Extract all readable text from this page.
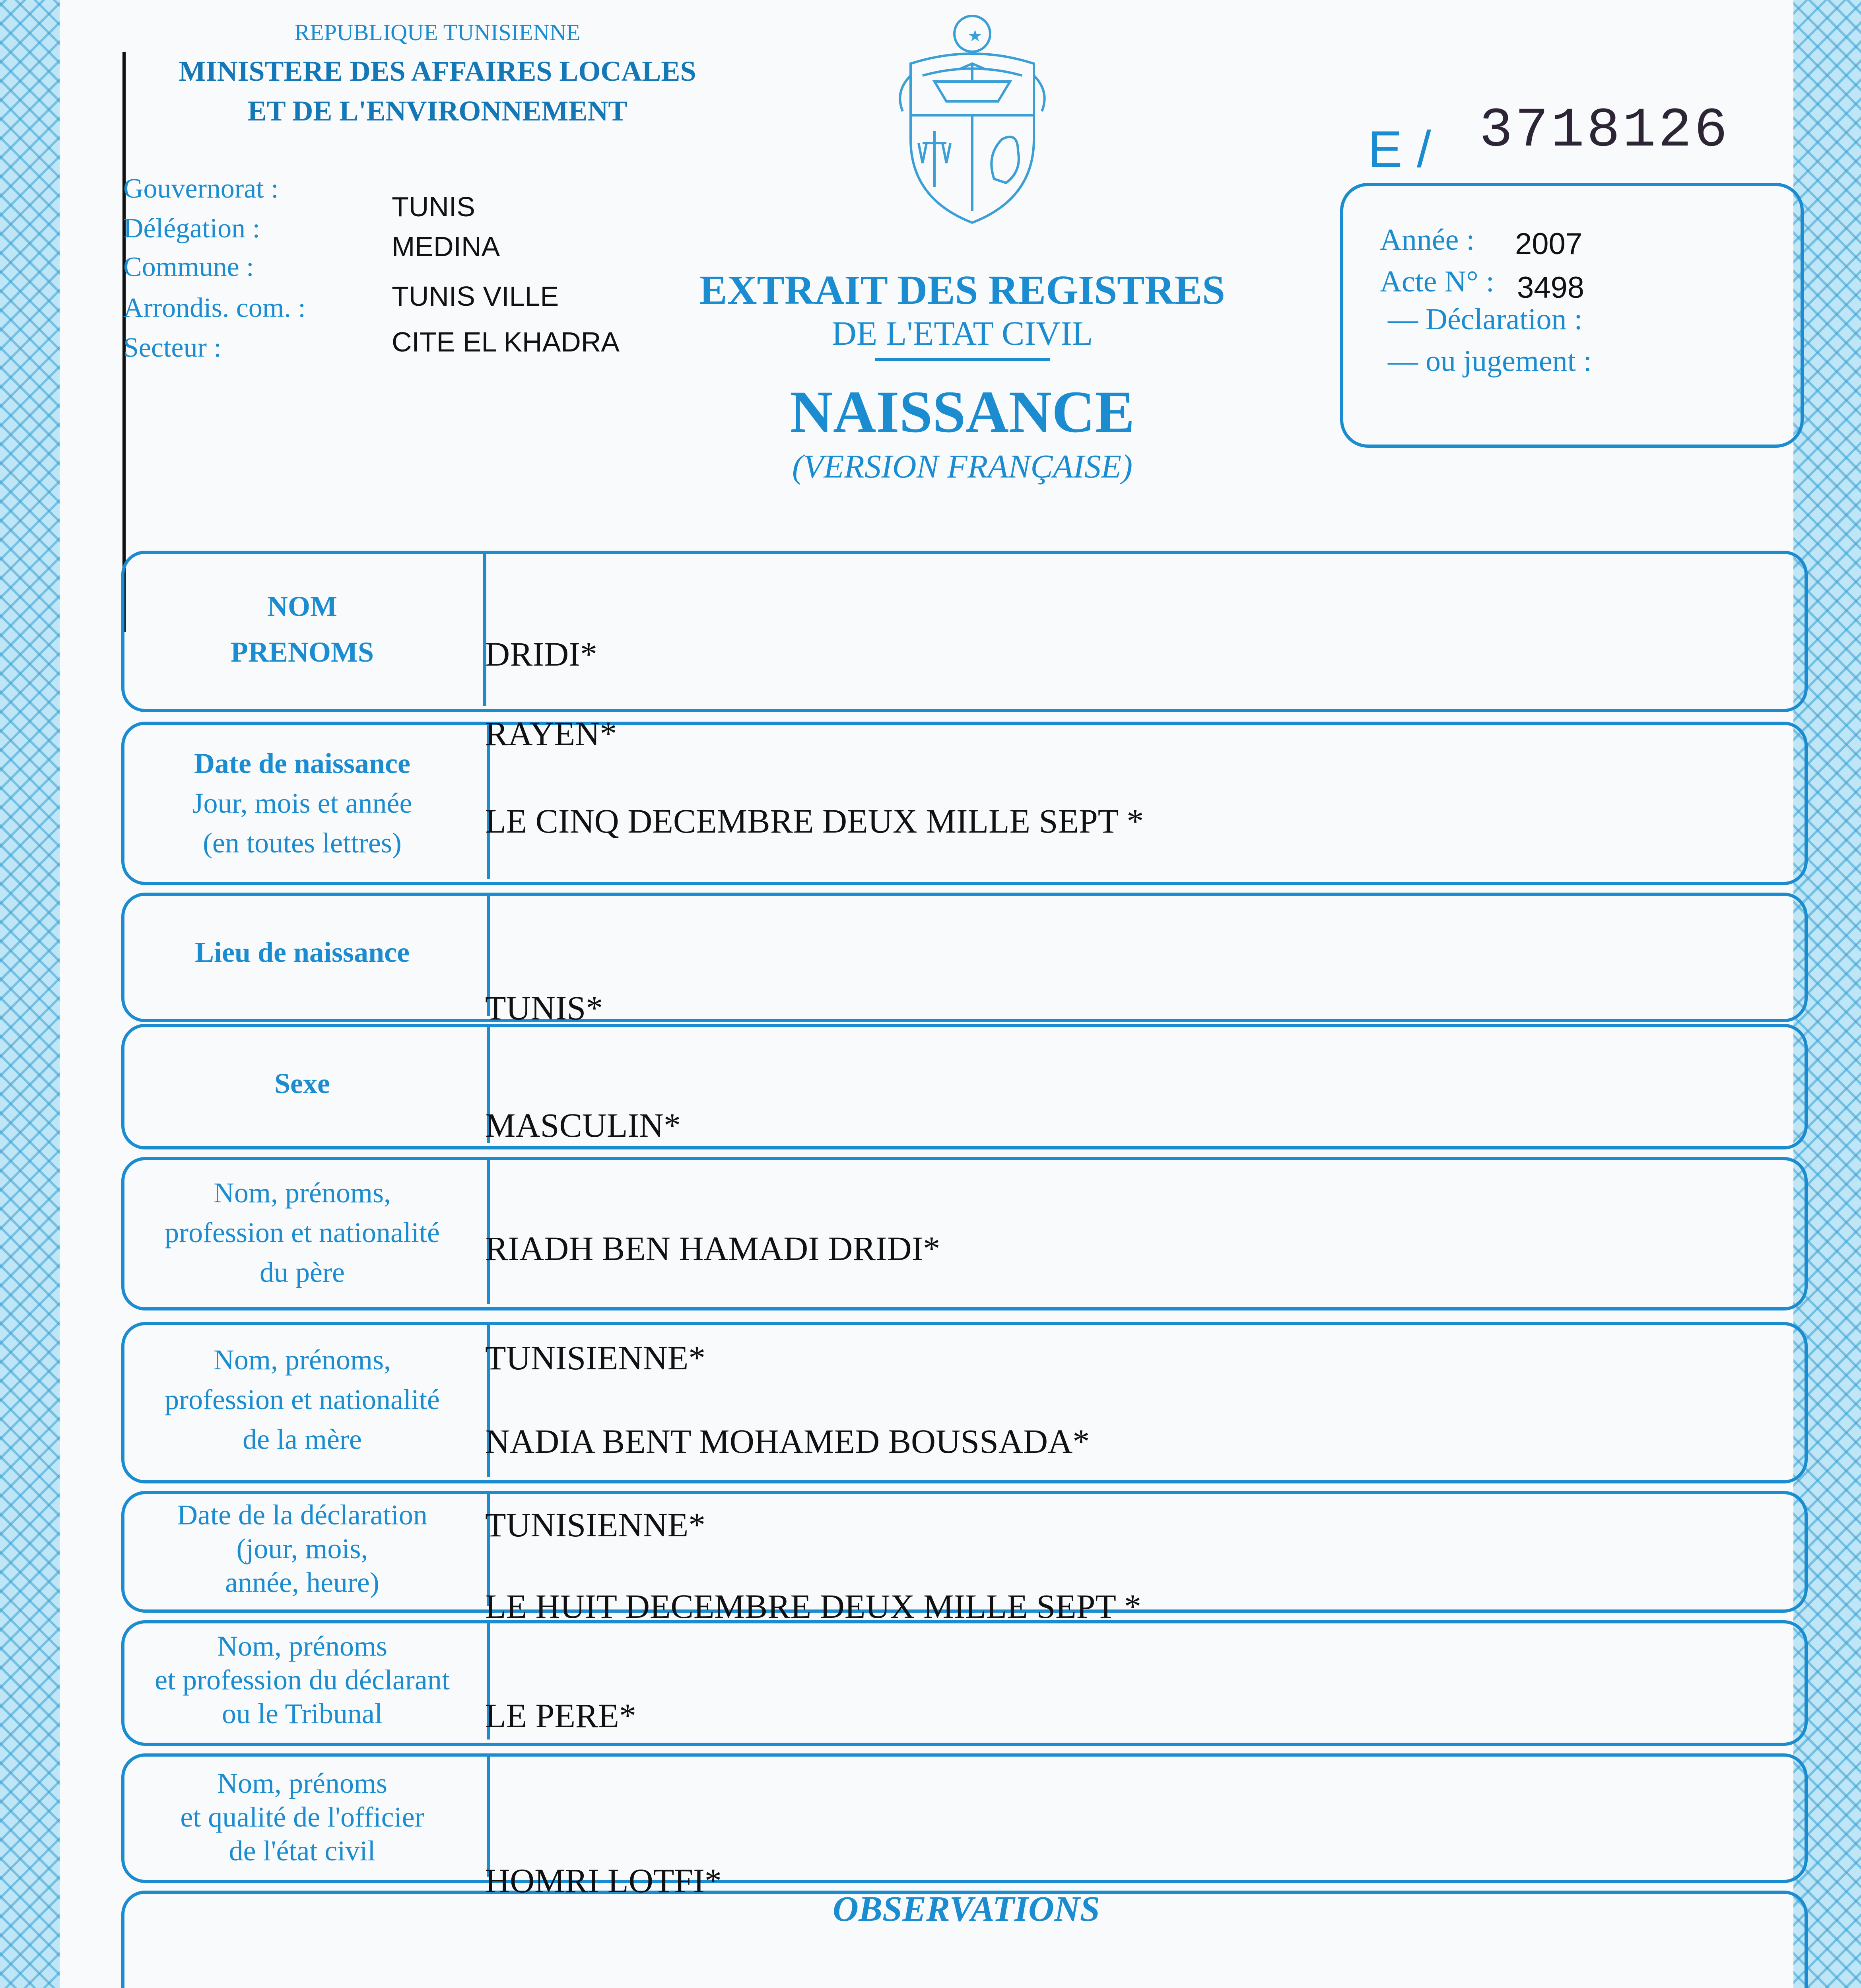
REPUBLIQUE TUNISIENNE
MINISTERE DES AFFAIRES LOCALES
ET DE L'ENVIRONNEMENT
Gouvernorat :
TUNIS
Délégation :
MEDINA
Commune :
Arrondis. com. :	TUNIS VILLE
Secteur :	CITE EL KHADRA
EXTRAIT DES REGISTRES
DE L'ETAT CIVIL
NAISSANCE
(VERSION FRANÇAISE)
E / 3718126
Année : 2007
Acte N° : 3498
— Déclaration :
— ou jugement :
NOM
PRENOMS
Date de naissance
Jour, mois et année
(en toutes lettres)
Lieu de naissance
Sexe
Nom, prénoms,
profession et nationalité
du père
Nom, prénoms,
profession et nationalité
de la mère
Date de la déclaration
(jour, mois,
année, heure)
Nom, prénoms
et profession du déclarant
ou le Tribunal
Nom, prénoms
et qualité de l'officier
de l'état civil
DRIDI*
RAYEN*
LE CINQ DECEMBRE DEUX MILLE SEPT *
TUNIS*
MASCULIN*
RIADH BEN HAMADI DRIDI*
TUNISIENNE*
NADIA BENT MOHAMED BOUSSADA*
TUNISIENNE*
LE HUIT DECEMBRE DEUX MILLE SEPT *
LE PERE*
HOMRI LOTFI*
OBSERVATIONS
